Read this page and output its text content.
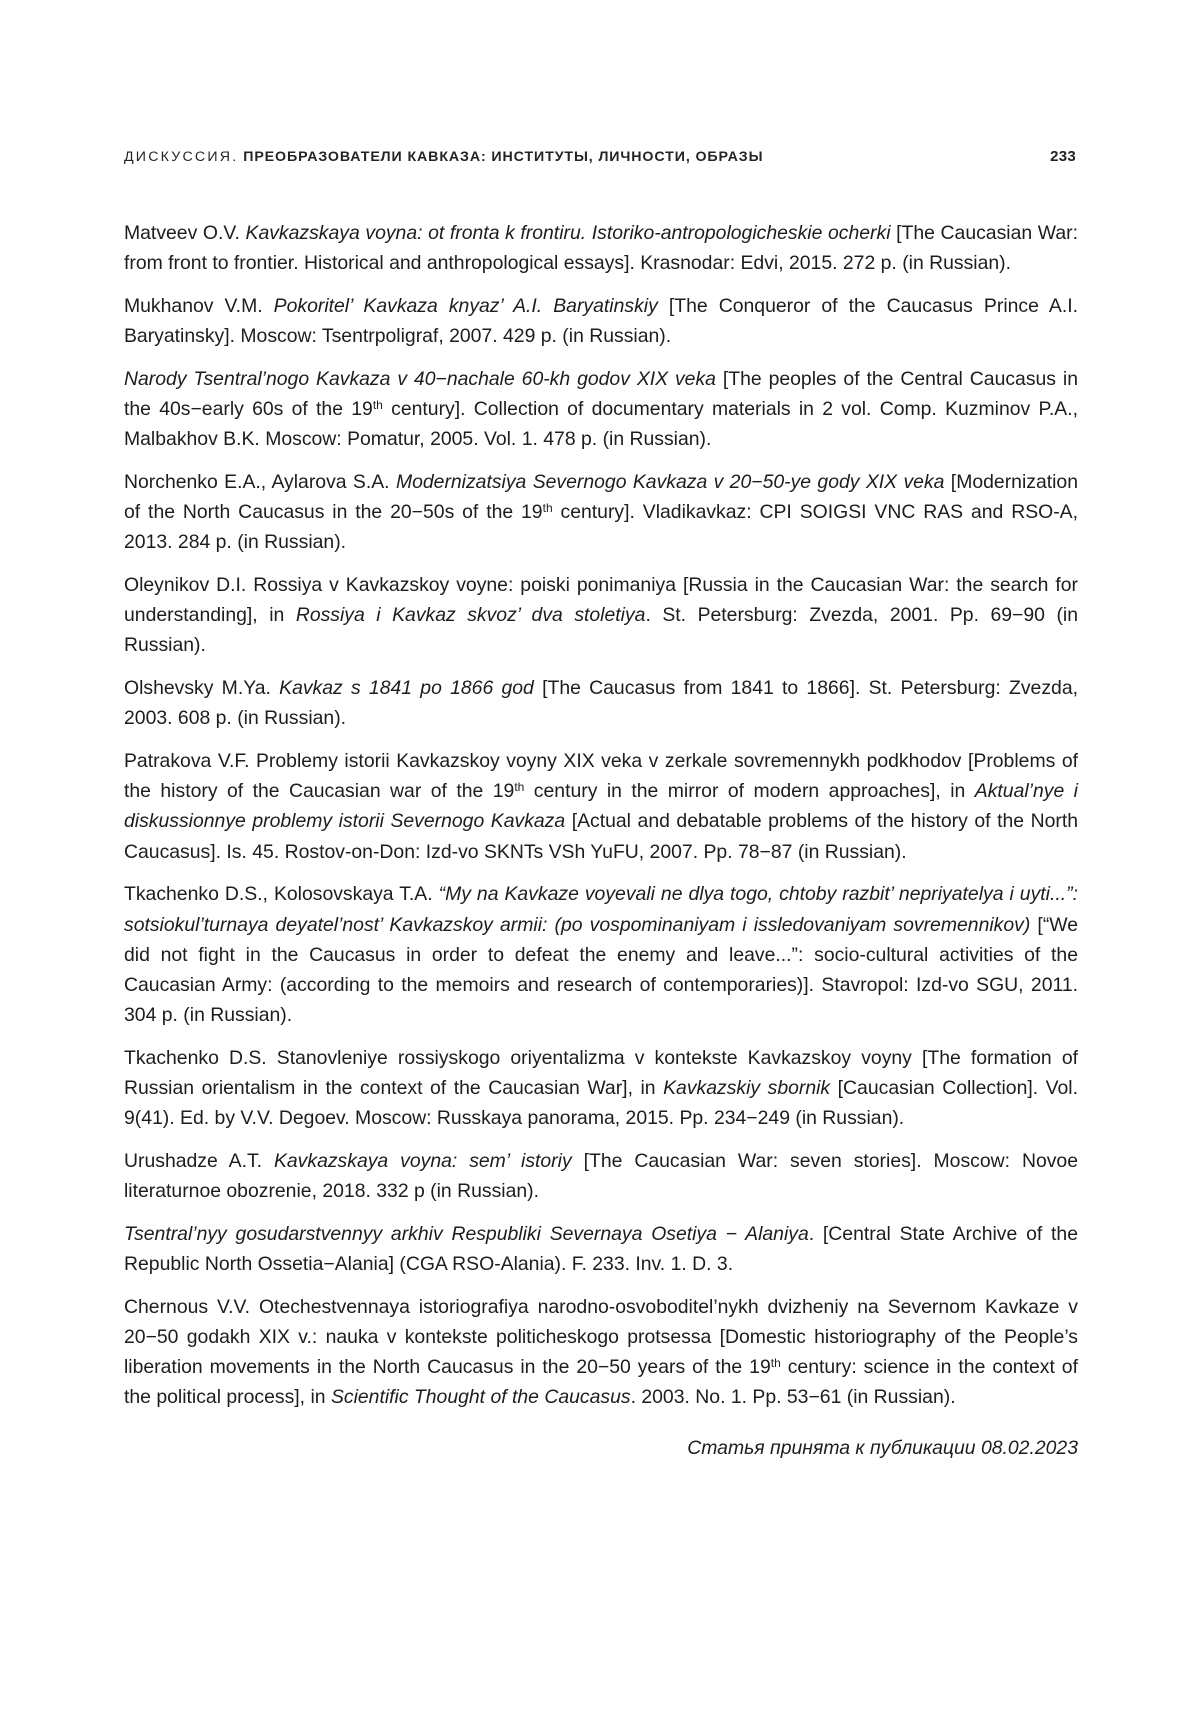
ДИСКУССИЯ. ПРЕОБРАЗОВАТЕЛИ КАВКАЗА: ИНСТИТУТЫ, ЛИЧНОСТИ, ОБРАЗЫ	233

Matveev O.V. Kavkazskaya voyna: ot fronta k frontiru. Istoriko-antropologicheskie ocherki [The Caucasian War: from front to frontier. Historical and anthropological essays]. Krasnodar: Edvi, 2015. 272 p. (in Russian).

Mukhanov V.M. Pokoritel’ Kavkaza knyaz’ A.I. Baryatinskiy [The Conqueror of the Caucasus Prince A.I. Baryatinsky]. Moscow: Tsentrpoligraf, 2007. 429 p. (in Russian).

Narody Tsentral’nogo Kavkaza v 40−nachale 60-kh godov XIX veka [The peoples of the Central Caucasus in the 40s−early 60s of the 19th century]. Collection of documentary materials in 2 vol. Comp. Kuzminov P.A., Malbakhov B.K. Moscow: Pomatur, 2005. Vol. 1. 478 p. (in Russian).

Norchenko E.A., Aylarova S.A. Modernizatsiya Severnogo Kavkaza v 20−50-ye gody XIX veka [Modernization of the North Caucasus in the 20−50s of the 19th century]. Vladikavkaz: CPI SOIGSI VNC RAS and RSO-A, 2013. 284 p. (in Russian).

Oleynikov D.I. Rossiya v Kavkazskoy voyne: poiski ponimaniya [Russia in the Caucasian War: the search for understanding], in Rossiya i Kavkaz skvoz’ dva stoletiya. St. Petersburg: Zvezda, 2001. Pp. 69−90 (in Russian).

Olshevsky M.Ya. Kavkaz s 1841 po 1866 god [The Caucasus from 1841 to 1866]. St. Petersburg: Zvezda, 2003. 608 p. (in Russian).

Patrakova V.F. Problemy istorii Kavkazskoy voyny XIX veka v zerkale sovremennykh podkhodov [Problems of the history of the Caucasian war of the 19th century in the mirror of modern approaches], in Aktual’nye i diskussionnye problemy istorii Severnogo Kavkaza [Actual and debatable problems of the history of the North Caucasus]. Is. 45. Rostov-on-Don: Izd-vo SKNTs VSh YuFU, 2007. Pp. 78−87 (in Russian).

Tkachenko D.S., Kolosovskaya T.A. “My na Kavkaze voyevali ne dlya togo, chtoby razbit’ nepriyatelya i uyti...”: sotsiokul’turnaya deyatel’nost’ Kavkazskoy armii: (po vospominaniyam i issledovaniyam sovremennikov) [“We did not fight in the Caucasus in order to defeat the enemy and leave...”: socio-cultural activities of the Caucasian Army: (according to the memoirs and research of contemporaries)]. Stavropol: Izd-vo SGU, 2011. 304 p. (in Russian).

Tkachenko D.S. Stanovleniye rossiyskogo oriyentalizma v kontekste Kavkazskoy voyny [The formation of Russian orientalism in the context of the Caucasian War], in Kavkazskiy sbornik [Caucasian Collection]. Vol. 9(41). Ed. by V.V. Degoev. Moscow: Russkaya panorama, 2015. Pp. 234−249 (in Russian).

Urushadze A.T. Kavkazskaya voyna: sem’ istoriy [The Caucasian War: seven stories]. Moscow: Novoe literaturnoe obozrenie, 2018. 332 p (in Russian).

Tsentral’nyy gosudarstvennyy arkhiv Respubliki Severnaya Osetiya − Alaniya. [Central State Archive of the Republic North Ossetia−Alania] (CGA RSO-Alania). F. 233. Inv. 1. D. 3.

Chernous V.V. Otechestvennaya istoriografiya narodno-osvoboditel’nykh dvizheniy na Severnom Kavkaze v 20−50 godakh XIX v.: nauka v kontekste politicheskogo protsessa [Domestic historiography of the People’s liberation movements in the North Caucasus in the 20−50 years of the 19th century: science in the context of the political process], in Scientific Thought of the Caucasus. 2003. No. 1. Pp. 53−61 (in Russian).

Статья принята к публикации 08.02.2023
